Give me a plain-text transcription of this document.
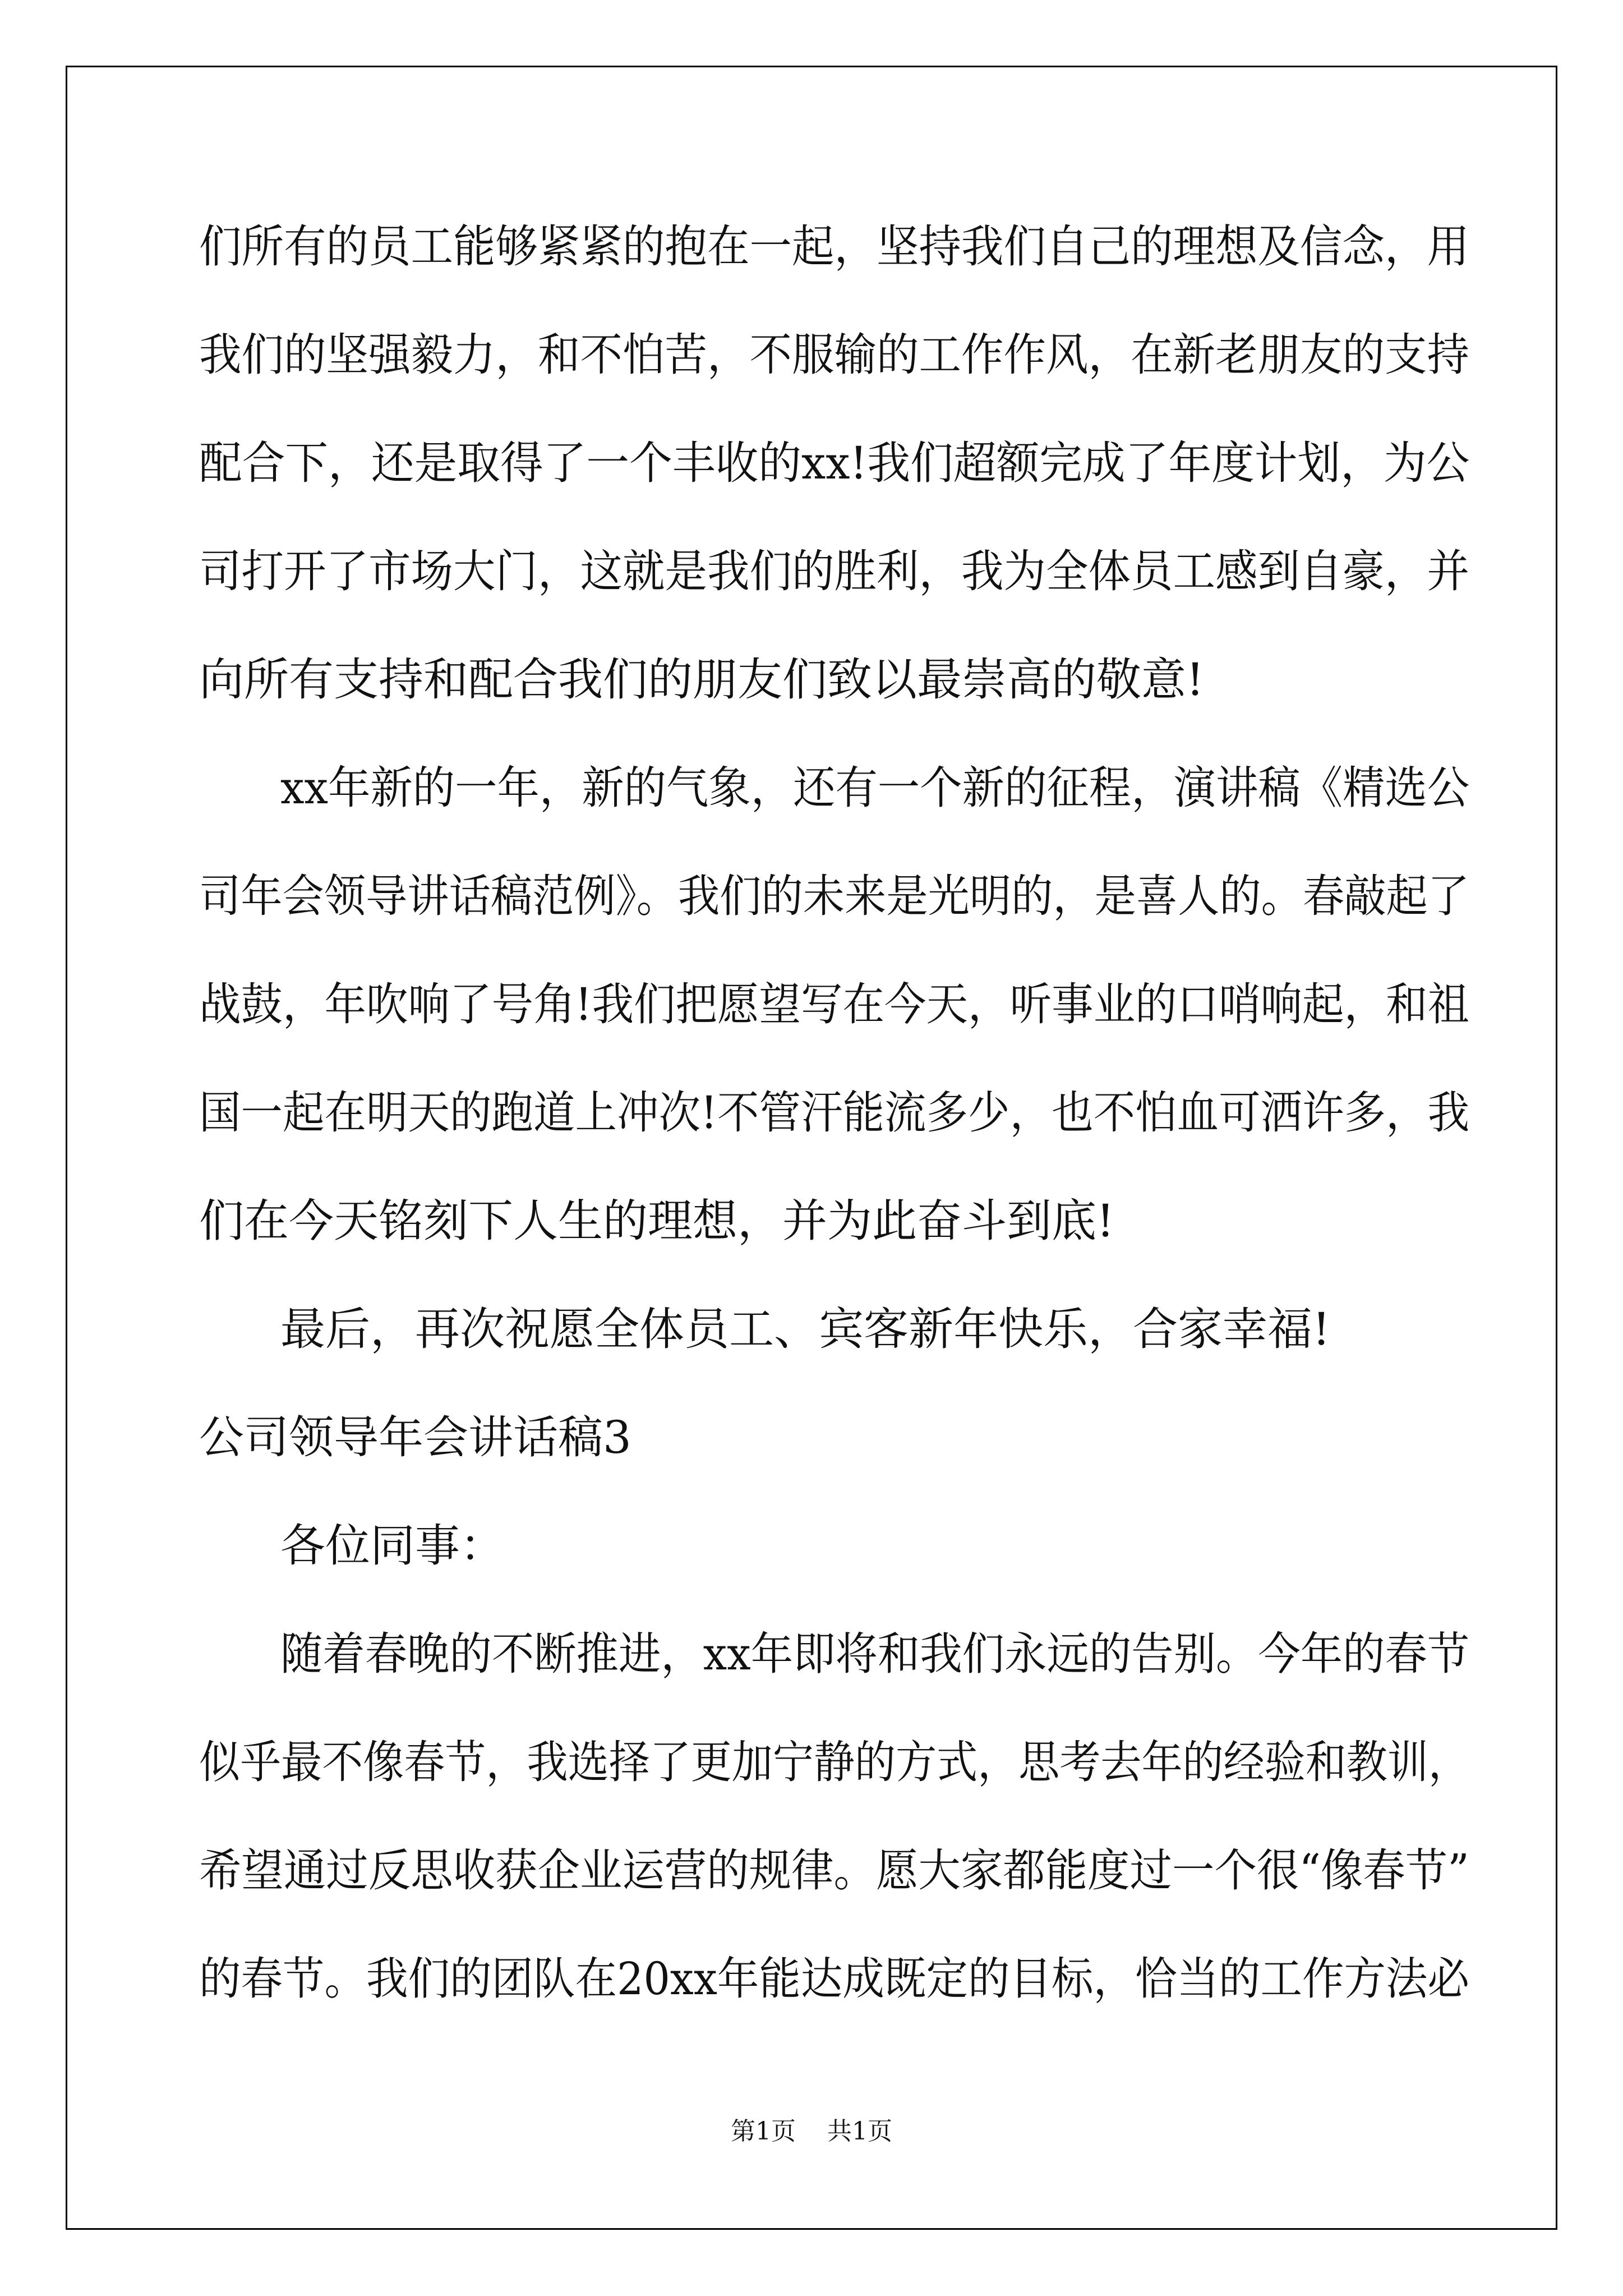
们所有的员工能够紧紧的抱在一起，坚持我们自己的理想及信念，用
我们的坚强毅力，和不怕苦，不服输的工作作风，在新老朋友的支持
配合下，还是取得了一个丰收的xx!我们超额完成了年度计划，为公
司打开了市场大门，这就是我们的胜利，我为全体员工感到自豪，并
向所有支持和配合我们的朋友们致以最崇高的敬意!
xx年新的一年，新的气象，还有一个新的征程，演讲稿《精选公
司年会领导讲话稿范例》。我们的未来是光明的，是喜人的。春敲起了
战鼓，年吹响了号角!我们把愿望写在今天，听事业的口哨响起，和祖
国一起在明天的跑道上冲次!不管汗能流多少，也不怕血可洒许多，我
们在今天铭刻下人生的理想，并为此奋斗到底!
最后，再次祝愿全体员工、宾客新年快乐，合家幸福!
公司领导年会讲话稿3
各位同事：
随着春晚的不断推进，xx年即将和我们永远的告别。今年的春节
似乎最不像春节，我选择了更加宁静的方式，思考去年的经验和教训，
希望通过反思收获企业运营的规律。愿大家都能度过一个很“像春节”
的春节。我们的团队在20xx年能达成既定的目标，恰当的工作方法必
第1页 共1页
